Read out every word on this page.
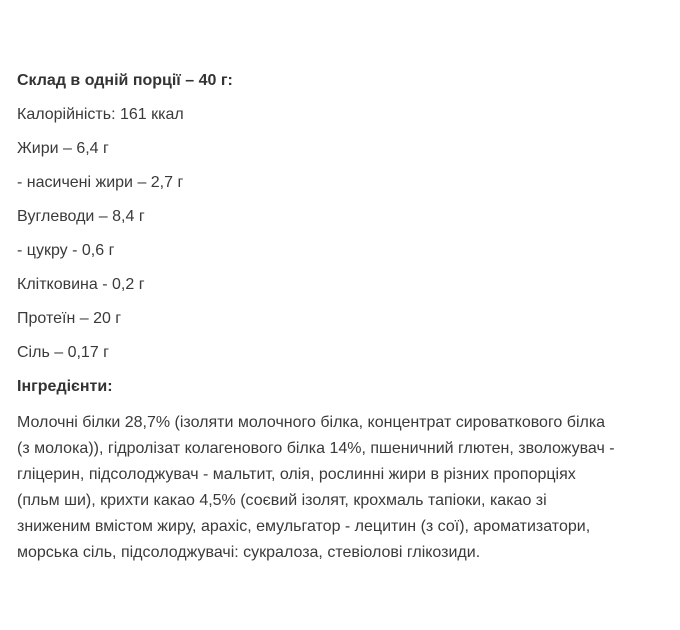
Склад в одній порції – 40 г:
Калорійність: 161 ккал
Жири – 6,4 г
- насичені жири – 2,7 г
Вуглеводи – 8,4 г
- цукру - 0,6 г
Клітковина - 0,2 г
Протеїн – 20 г
Сіль – 0,17 г
Інгредієнти:

Молочні білки 28,7% (ізоляти молочного білка, концентрат сироваткового білка
(з молока)), гідролізат колагенового білка 14%, пшеничний глютен, зволожувач -
гліцерин, підсолоджувач - мальтит, олія, рослинні жири в різних пропорціях
(пльм ши), крихти какао 4,5% (соєвий ізолят, крохмаль тапіоки, какао зі
зниженим вмістом жиру, арахіс, емульгатор - лецитин (з сої), ароматизатори,
морська сіль, підсолоджувачі: сукралоза, стевіолові глікозиди.
